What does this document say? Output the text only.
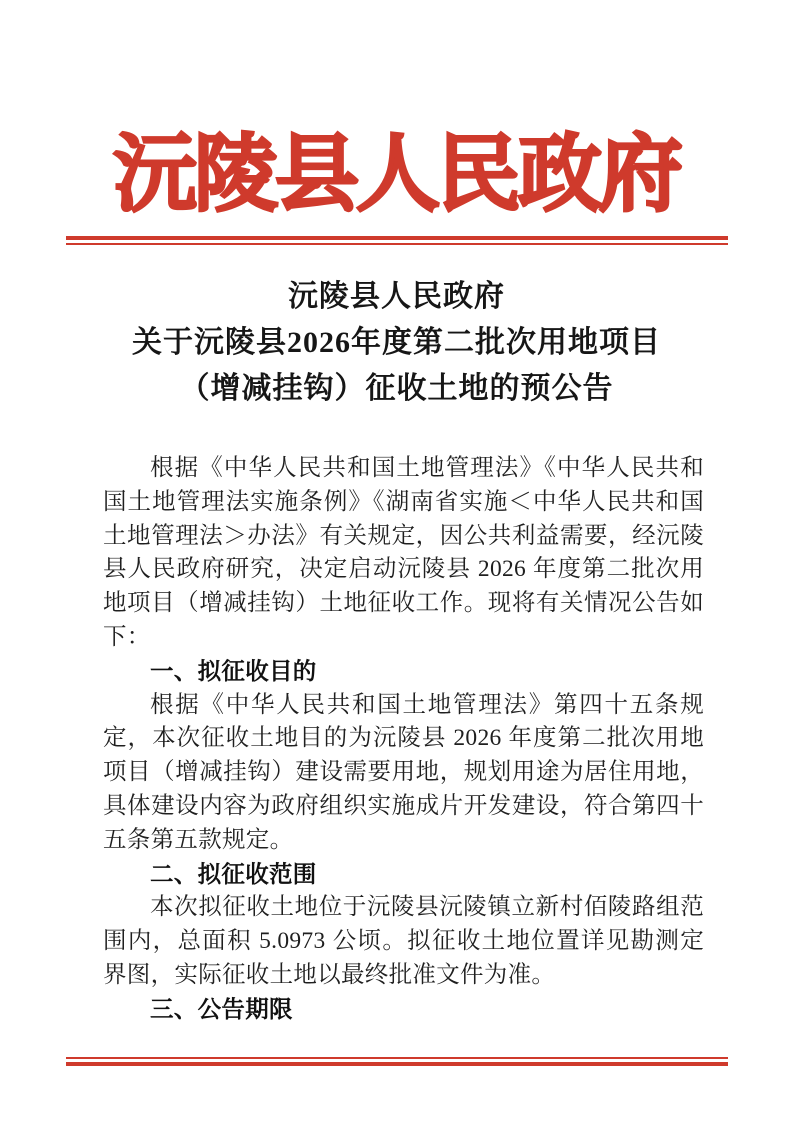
沅陵县人民政府
沅陵县人民政府
关于沅陵县2026年度第二批次用地项目
（增减挂钩）征收土地的预公告

根据《中华人民共和国土地管理法》《中华人民共和国土地管理法实施条例》《湖南省实施＜中华人民共和国土地管理法＞办法》有关规定，因公共利益需要，经沅陵县人民政府研究，决定启动沅陵县 2026 年度第二批次用地项目（增减挂钩）土地征收工作。现将有关情况公告如下：

一、拟征收目的

根据《中华人民共和国土地管理法》第四十五条规定，本次征收土地目的为沅陵县 2026 年度第二批次用地项目（增减挂钩）建设需要用地，规划用途为居住用地，具体建设内容为政府组织实施成片开发建设，符合第四十五条第五款规定。

二、拟征收范围

本次拟征收土地位于沅陵县沅陵镇立新村佰陵路组范围内，总面积 5.0973 公顷。拟征收土地位置详见勘测定界图，实际征收土地以最终批准文件为准。

三、公告期限
